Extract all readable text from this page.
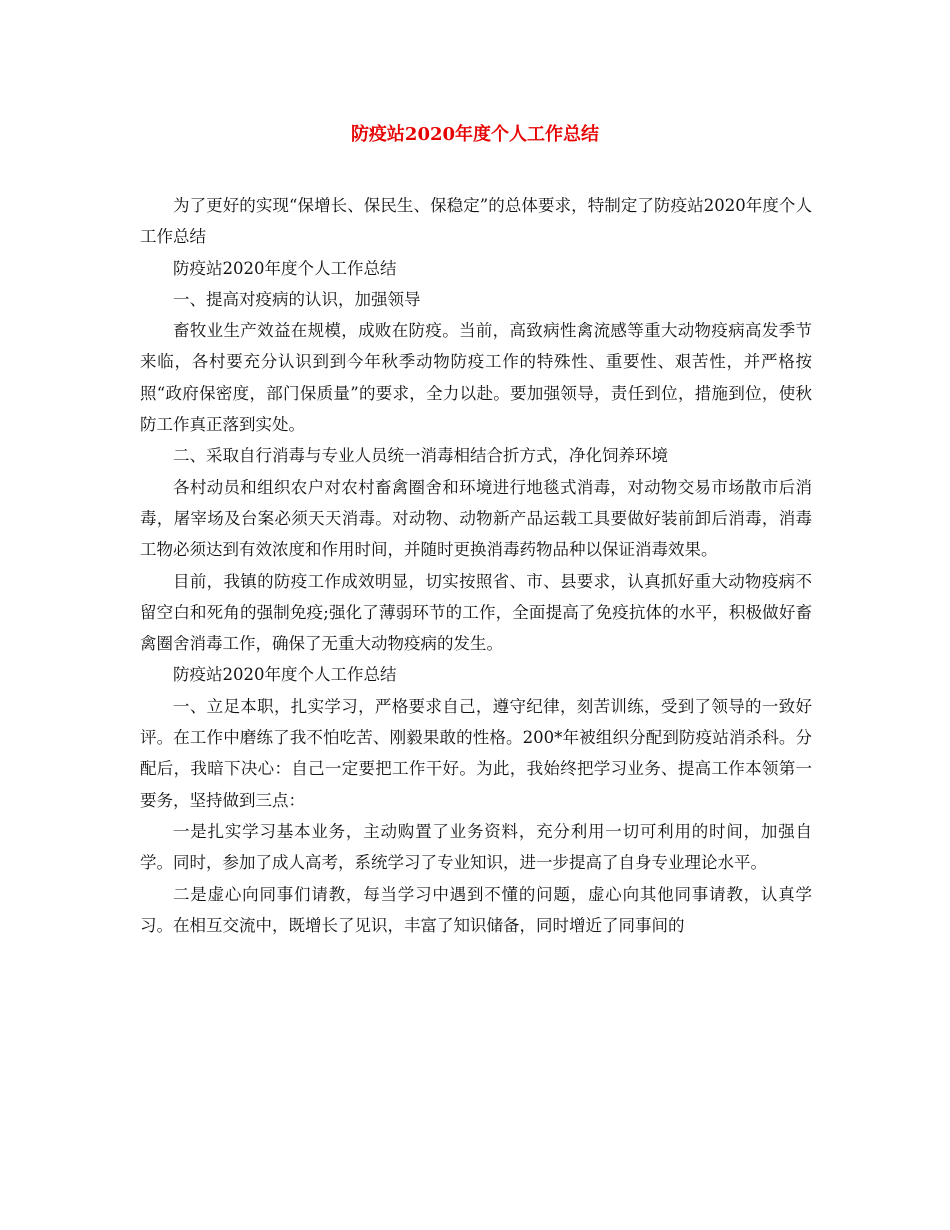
防疫站2020年度个人工作总结

为了更好的实现“保增长、保民生、保稳定”的总体要求，特制定了防疫站2020年度个人工作总结

防疫站2020年度个人工作总结

一、提高对疫病的认识，加强领导

畜牧业生产效益在规模，成败在防疫。当前，高致病性禽流感等重大动物疫病高发季节来临，各村要充分认识到到今年秋季动物防疫工作的特殊性、重要性、艰苦性，并严格按照“政府保密度，部门保质量”的要求，全力以赴。要加强领导，责任到位，措施到位，使秋防工作真正落到实处。

二、采取自行消毒与专业人员统一消毒相结合折方式，净化饲养环境

各村动员和组织农户对农村畜禽圈舍和环境进行地毯式消毒，对动物交易市场散市后消毒，屠宰场及台案必须天天消毒。对动物、动物新产品运载工具要做好装前卸后消毒，消毒工物必须达到有效浓度和作用时间，并随时更换消毒药物品种以保证消毒效果。

目前，我镇的防疫工作成效明显，切实按照省、市、县要求，认真抓好重大动物疫病不留空白和死角的强制免疫;强化了薄弱环节的工作，全面提高了免疫抗体的水平，积极做好畜禽圈舍消毒工作，确保了无重大动物疫病的发生。

防疫站2020年度个人工作总结

一、立足本职，扎实学习，严格要求自己，遵守纪律，刻苦训练，受到了领导的一致好评。在工作中磨练了我不怕吃苦、刚毅果敢的性格。200*年被组织分配到防疫站消杀科。分配后，我暗下决心：自己一定要把工作干好。为此，我始终把学习业务、提高工作本领第一要务，坚持做到三点：

一是扎实学习基本业务，主动购置了业务资料，充分利用一切可利用的时间，加强自学。同时，参加了成人高考，系统学习了专业知识，进一步提高了自身专业理论水平。

二是虚心向同事们请教，每当学习中遇到不懂的问题，虚心向其他同事请教，认真学习。在相互交流中，既增长了见识，丰富了知识储备，同时增近了同事间的
